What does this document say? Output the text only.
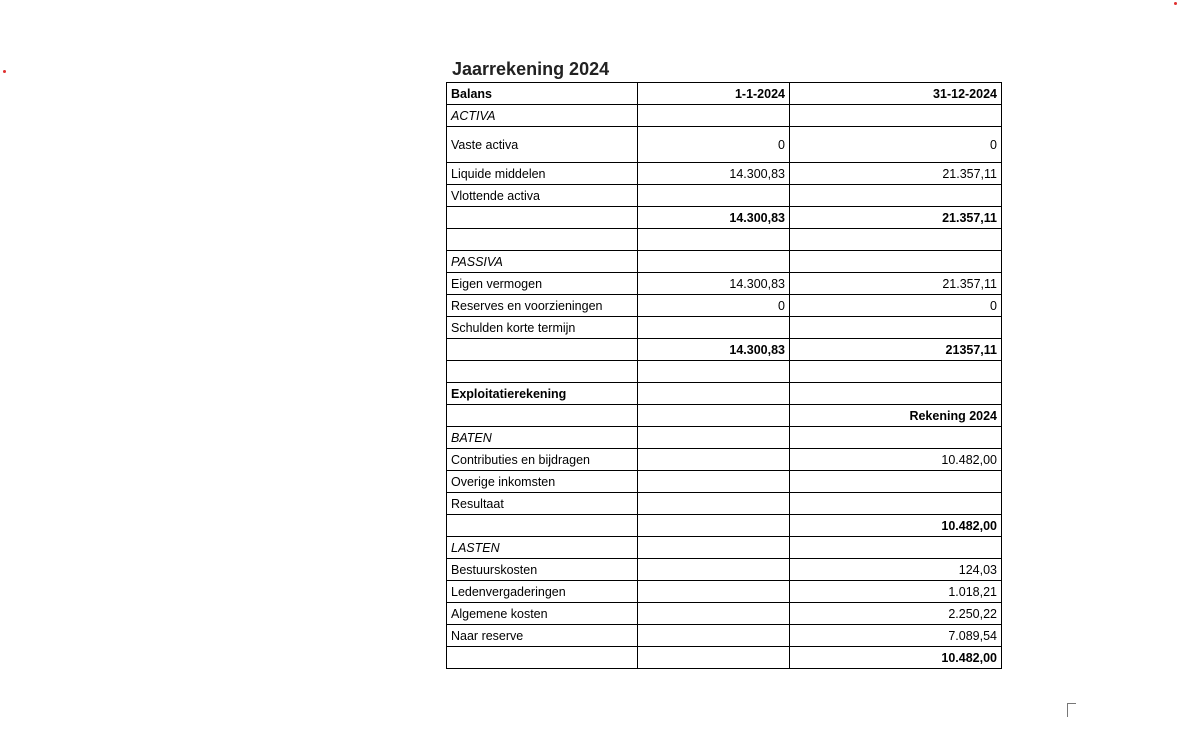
Jaarrekening 2024
Balans	1-1-2024	31-12-2024
ACTIVA		
Vaste activa	0	0
Liquide middelen	14.300,83	21.357,11
Vlottende activa		
	14.300,83	21.357,11

PASSIVA		
Eigen vermogen	14.300,83	21.357,11
Reserves en voorzieningen	0	0
Schulden korte termijn		
	14.300,83	21357,11

Exploitatierekening		
		Rekening 2024
BATEN		
Contributies en bijdragen		10.482,00
Overige inkomsten		
Resultaat		
		10.482,00
LASTEN		
Bestuurskosten		124,03
Ledenvergaderingen		1.018,21
Algemene kosten		2.250,22
Naar reserve		7.089,54
		10.482,00
